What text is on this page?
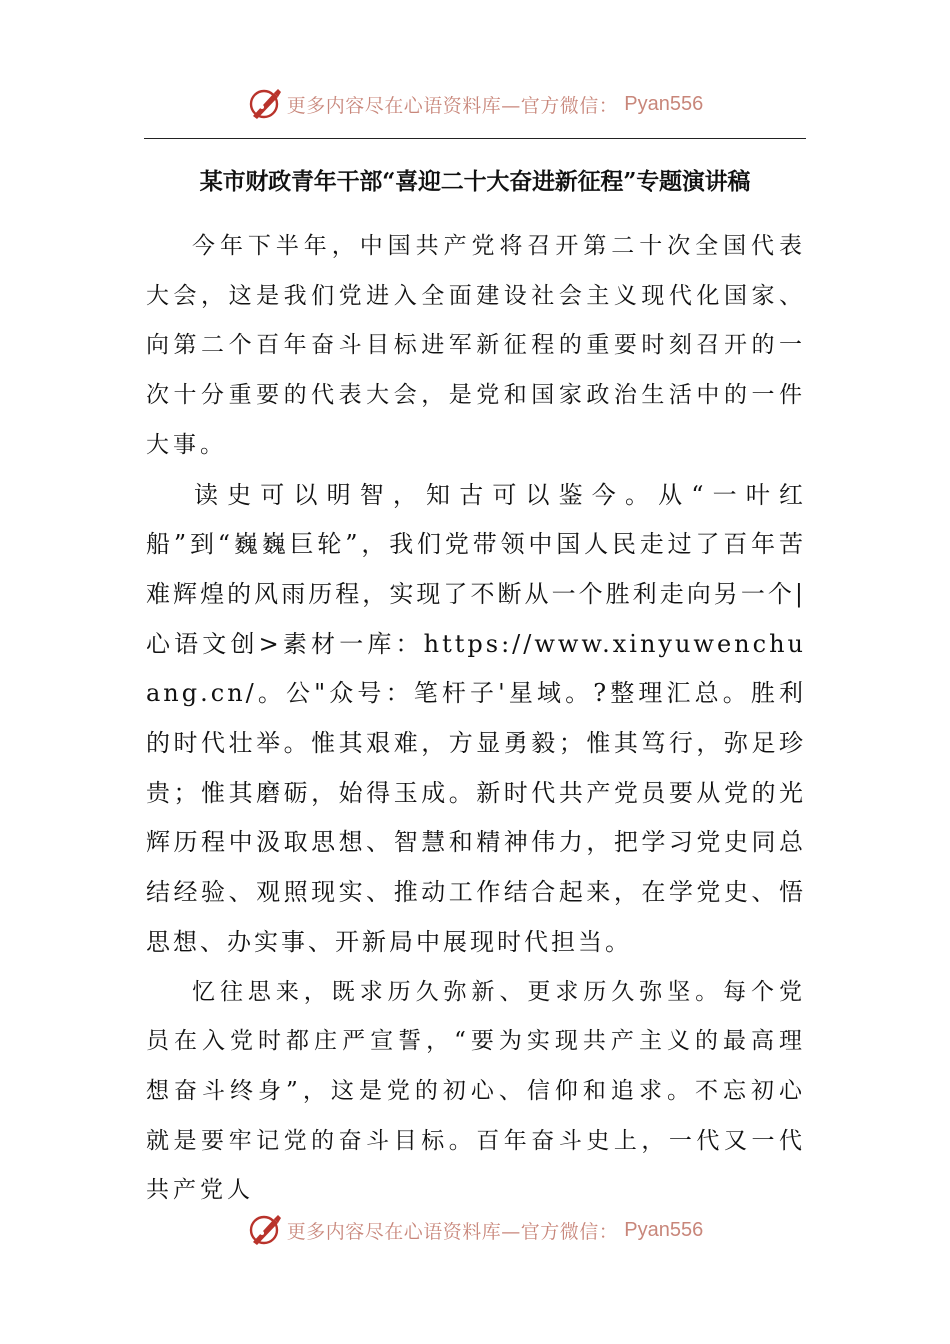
更多内容尽在心语资料库—官方微信： Pyan556
某市财政青年干部“喜迎二十大奋进新征程”专题演讲稿

今年下半年，中国共产党将召开第二十次全国代表大会，这是我们党进入全面建设社会主义现代化国家、向第二个百年奋斗目标进军新征程的重要时刻召开的一次十分重要的代表大会，是党和国家政治生活中的一件大事。

读史可以明智，知古可以鉴今。从“一叶红船”到“巍巍巨轮”，我们党带领中国人民走过了百年苦难辉煌的风雨历程，实现了不断从一个胜利走向另一个|心语文创>素材一库：https://www.xinyuwenchuang.cn/。公"众号：笔杆子'星域。?整理汇总。胜利的时代壮举。惟其艰难，方显勇毅；惟其笃行，弥足珍贵；惟其磨砺，始得玉成。新时代共产党员要从党的光辉历程中汲取思想、智慧和精神伟力，把学习党史同总结经验、观照现实、推动工作结合起来，在学党史、悟思想、办实事、开新局中展现时代担当。

忆往思来，既求历久弥新、更求历久弥坚。每个党员在入党时都庄严宣誓，“要为实现共产主义的最高理想奋斗终身”，这是党的初心、信仰和追求。不忘初心就是要牢记党的奋斗目标。百年奋斗史上，一代又一代共产党人

更多内容尽在心语资料库—官方微信： Pyan556
